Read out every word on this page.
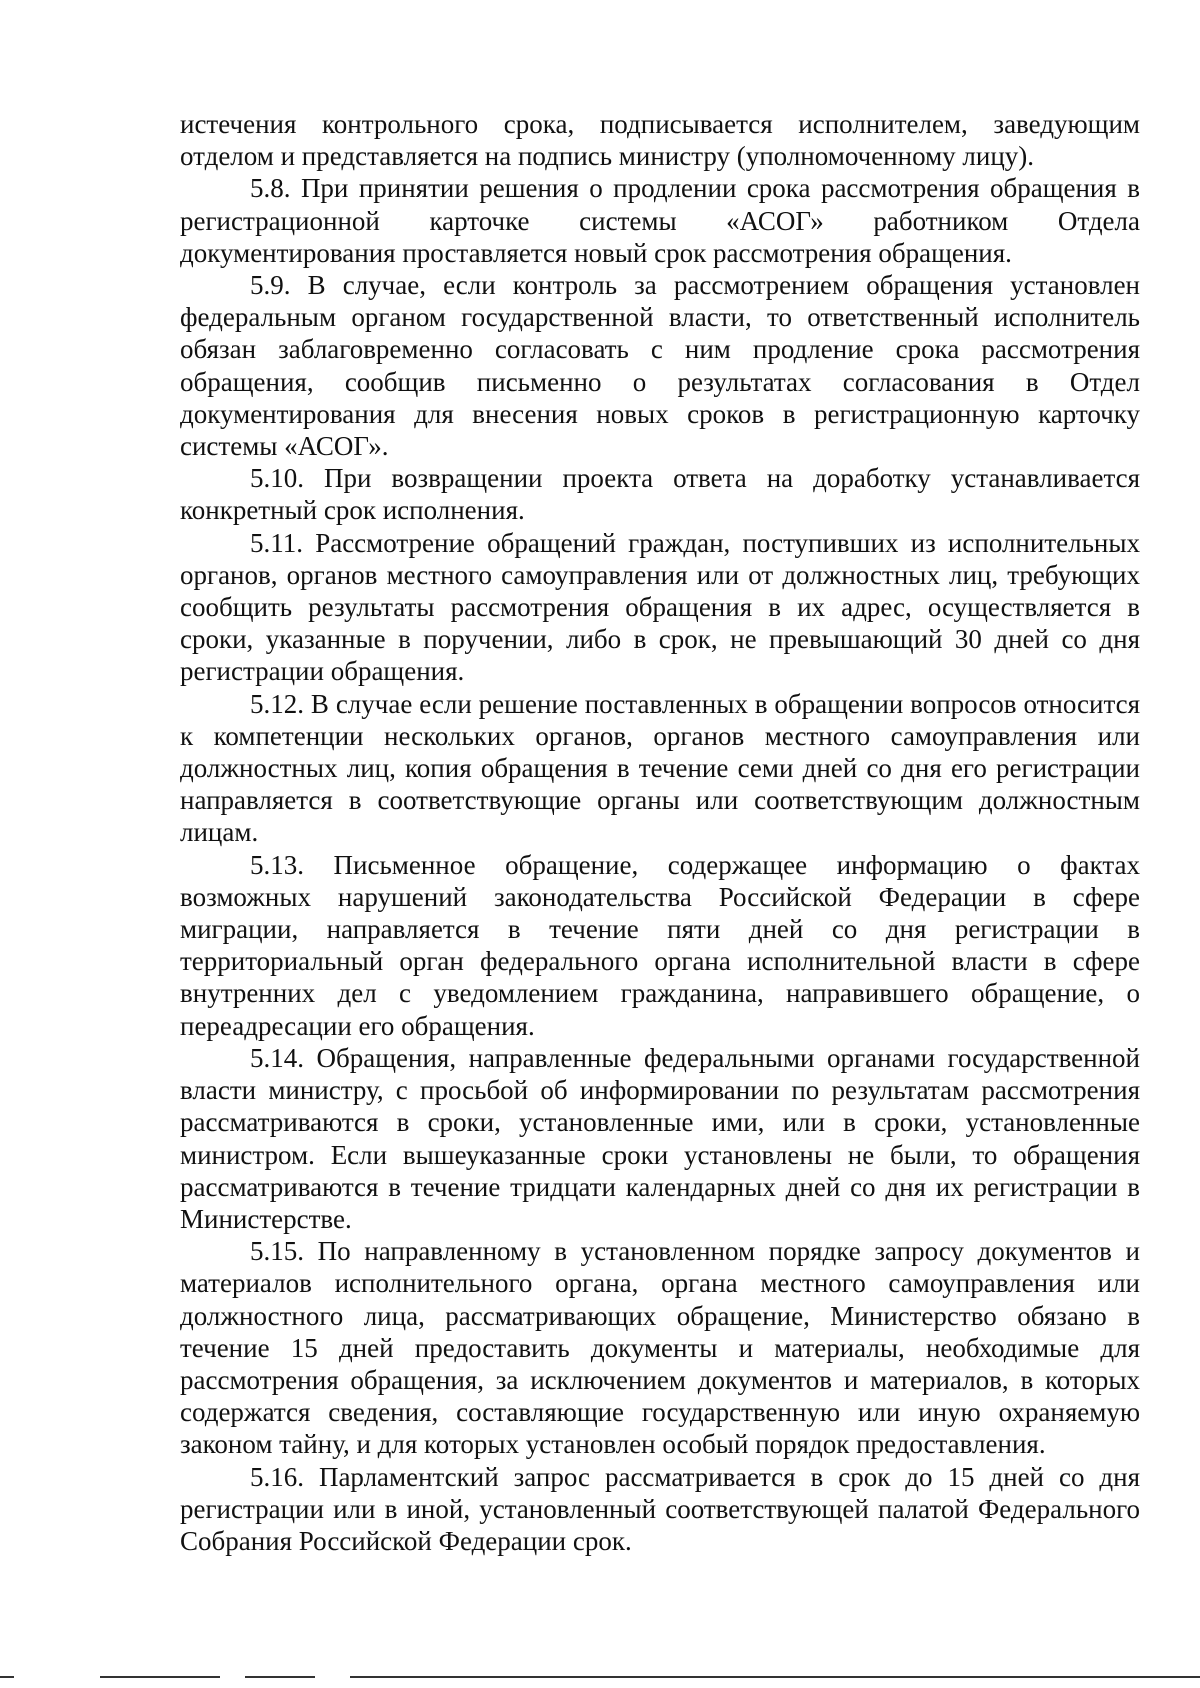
истечения контрольного срока, подписывается исполнителем, заведующим отделом и представляется на подпись министру (уполномоченному лицу).

5.8. При принятии решения о продлении срока рассмотрения обращения в регистрационной карточке системы «АСОГ» работником Отдела документирования проставляется новый срок рассмотрения обращения.

5.9. В случае, если контроль за рассмотрением обращения установлен федеральным органом государственной власти, то ответственный исполнитель обязан заблаговременно согласовать с ним продление срока рассмотрения обращения, сообщив письменно о результатах согласования в Отдел документирования для внесения новых сроков в регистрационную карточку системы «АСОГ».

5.10. При возвращении проекта ответа на доработку устанавливается конкретный срок исполнения.

5.11. Рассмотрение обращений граждан, поступивших из исполнительных органов, органов местного самоуправления или от должностных лиц, требующих сообщить результаты рассмотрения обращения в их адрес, осуществляется в сроки, указанные в поручении, либо в срок, не превышающий 30 дней со дня регистрации обращения.

5.12. В случае если решение поставленных в обращении вопросов относится к компетенции нескольких органов, органов местного самоуправления или должностных лиц, копия обращения в течение семи дней со дня его регистрации направляется в соответствующие органы или соответствующим должностным лицам.

5.13. Письменное обращение, содержащее информацию о фактах возможных нарушений законодательства Российской Федерации в сфере миграции, направляется в течение пяти дней со дня регистрации в территориальный орган федерального органа исполнительной власти в сфере внутренних дел с уведомлением гражданина, направившего обращение, о переадресации его обращения.

5.14. Обращения, направленные федеральными органами государственной власти министру, с просьбой об информировании по результатам рассмотрения рассматриваются в сроки, установленные ими, или в сроки, установленные министром. Если вышеуказанные сроки установлены не были, то обращения рассматриваются в течение тридцати календарных дней со дня их регистрации в Министерстве.

5.15. По направленному в установленном порядке запросу документов и материалов исполнительного органа, органа местного самоуправления или должностного лица, рассматривающих обращение, Министерство обязано в течение 15 дней предоставить документы и материалы, необходимые для рассмотрения обращения, за исключением документов и материалов, в которых содержатся сведения, составляющие государственную или иную охраняемую законом тайну, и для которых установлен особый порядок предоставления.

5.16. Парламентский запрос рассматривается в срок до 15 дней со дня регистрации или в иной, установленный соответствующей палатой Федерального Собрания Российской Федерации срок.
